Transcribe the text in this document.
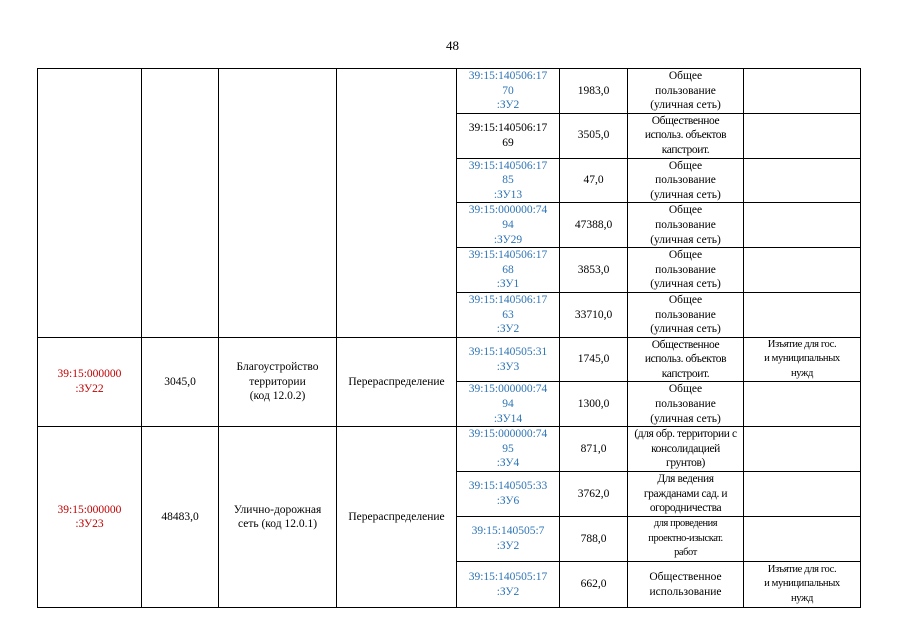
48
				39:15:140506:17
70
:ЗУ2	1983,0	Общее
пользование
(уличная сеть)	
				39:15:140506:17
69	3505,0	Общественное
использ. объектов
капстроит.	
				39:15:140506:17
85
:ЗУ13	47,0	Общее
пользование
(уличная сеть)	
				39:15:000000:74
94
:ЗУ29	47388,0	Общее
пользование
(уличная сеть)	
				39:15:140506:17
68
:ЗУ1	3853,0	Общее
пользование
(уличная сеть)	
				39:15:140506:17
63
:ЗУ2	33710,0	Общее
пользование
(уличная сеть)	
39:15:000000
:ЗУ22	3045,0	Благоустройство
территории
(код 12.0.2)	Перераспределение	39:15:140505:31
:ЗУ3	1745,0	Общественное
использ. объектов
капстроит.	Изъятие для гос.
и муниципальных
нужд
				39:15:000000:74
94
:ЗУ14	1300,0	Общее
пользование
(уличная сеть)	
39:15:000000
:ЗУ23	48483,0	Улично-дорожная
сеть (код 12.0.1)	Перераспределение	39:15:000000:74
95
:ЗУ4	871,0	(для обр. территории с
консолидацией
грунтов)	
				39:15:140505:33
:ЗУ6	3762,0	Для ведения
гражданами сад. и
огородничества	
				39:15:140505:7
:ЗУ2	788,0	для проведения
проектно-изыскат.
работ	
				39:15:140505:17
:ЗУ2	662,0	Общественное
использование	Изъятие для гос.
и муниципальных
нужд
